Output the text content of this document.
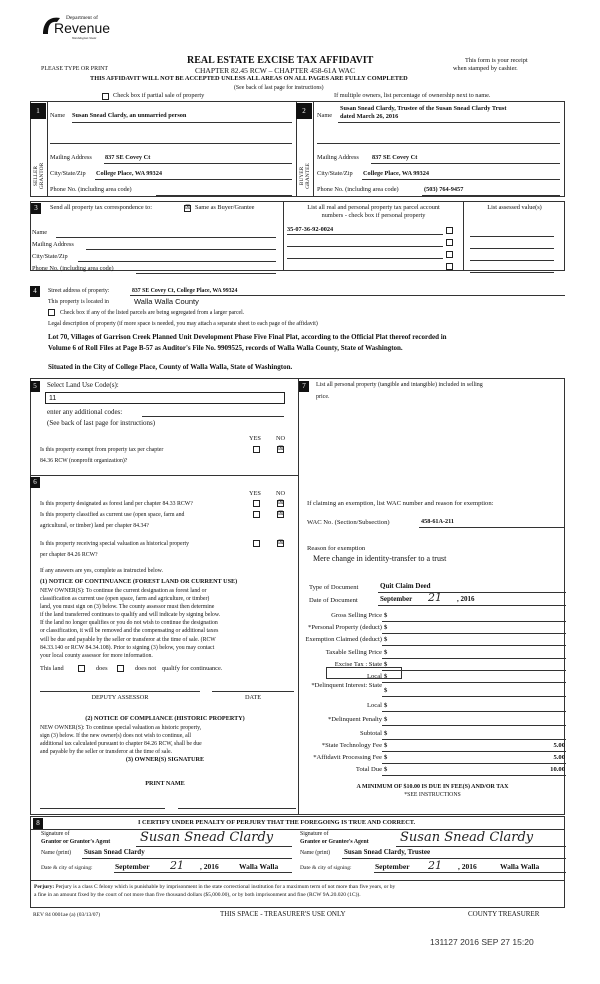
Department of
Revenue
Washington State
PLEASE TYPE OR PRINT
REAL ESTATE EXCISE TAX AFFIDAVIT
CHAPTER 82.45 RCW – CHAPTER 458-61A WAC
This form is your receipt
when stamped by cashier.
THIS AFFIDAVIT WILL NOT BE ACCEPTED UNLESS ALL AREAS ON ALL PAGES ARE FULLY COMPLETED
(See back of last page for instructions)
Check box if partial sale of property	If multiple owners, list percentage of ownership next to name.
1
SELLER GRANTOR
Name Susan Snead Clardy, an unmarried person
Mailing Address 837 SE Covey Ct
City/State/Zip College Place, WA 99324
Phone No. (including area code)
2
BUYER GRANTEE
Name
Susan Snead Clardy, Trustee of the Susan Snead Clardy Trust
dated March 26, 2016
Mailing Address 837 SE Covey Ct
City/State/Zip College Place, WA 99324
Phone No. (including area code)	(503) 764-9457
3	Send all property tax correspondence to:	☒ Same as Buyer/Grantee
Name
Mailing Address
City/State/Zip
Phone No. (including area code)
List all real and personal property tax parcel account
numbers - check box if personal property
List assessed value(s)
35-07-36-92-0024
4	Street address of property:	837 SE Covey Ct, College Place, WA 99324
This property is located in	Walla Walla County
Check box if any of the listed parcels are being segregated from a larger parcel.
Legal description of property (if more space is needed, you may attach a separate sheet to each page of the affidavit)
Lot 70, Villages of Garrison Creek Planned Unit Development Phase Five Final Plat, according to the Official Plat thereof recorded in
Volume 6 of Roll Files at Page B-57 as Auditor's File No. 9909525, records of Walla Walla County, State of Washington.
Situated in the City of College Place, County of Walla Walla, State of Washington.
5	Select Land Use Code(s):
11
enter any additional codes:
(See back of last page for instructions)
YES NO
Is this property exempt from property tax per chapter
84.36 RCW (nonprofit organization)?
☒
6
YES NO
Is this property designated as forest land per chapter 84.33 RCW?	☒
Is this property classified as current use (open space, farm and
agricultural, or timber) land per chapter 84.34?
☒
Is this property receiving special valuation as historical property
per chapter 84.26 RCW?
☒
If any answers are yes, complete as instructed below.
(1) NOTICE OF CONTINUANCE (FOREST LAND OR CURRENT USE)
NEW OWNER(S): To continue the current designation as forest land or
classification as current use (open space, farm and agriculture, or timber)
land, you must sign on (3) below. The county assessor must then determine
if the land transferred continues to qualify and will indicate by signing below.
If the land no longer qualifies or you do not wish to continue the designation
or classification, it will be removed and the compensating or additional taxes
will be due and payable by the seller or transferor at the time of sale. (RCW
84.33.140 or RCW 84.34.108). Prior to signing (3) below, you may contact
your local county assessor for more information.
This land	does	does not qualify for continuance.
DEPUTY ASSESSOR	DATE
(2) NOTICE OF COMPLIANCE (HISTORIC PROPERTY)
NEW OWNER(S): To continue special valuation as historic property,
sign (3) below. If the new owner(s) does not wish to continue, all
additional tax calculated pursuant to chapter 84.26 RCW, shall be due
and payable by the seller or transferor at the time of sale.
(3) OWNER(S) SIGNATURE
PRINT NAME
7	List all personal property (tangible and intangible) included in selling
price.
If claiming an exemption, list WAC number and reason for exemption:
WAC No. (Section/Subsection)	458-61A-211
Reason for exemption
Mere change in identity-transfer to a trust
Type of Document	Quit Claim Deed
Date of Document	September 21 , 2016
Gross Selling Price $
*Personal Property (deduct) $
Exemption Claimed (deduct) $
Taxable Selling Price $
Excise Tax : State $
Local $
*Delinquent Interest: State
$
Local $
*Delinquent Penalty $
Subtotal $
*State Technology Fee $	5.00
*Affidavit Processing Fee $	5.00
Total Due $	10.00
A MINIMUM OF $10.00 IS DUE IN FEE(S) AND/OR TAX
*SEE INSTRUCTIONS
8	I CERTIFY UNDER PENALTY OF PERJURY THAT THE FOREGOING IS TRUE AND CORRECT.
Signature of
Grantor or Grantor's Agent Susan Snead Clardy	Signature of
Grantee or Grantee's Agent Susan Snead Clardy
Name (print) Susan Snead Clardy	Name (print) Susan Snead Clardy, Trustee
Date & city of signing:	September 21 , 2016	Walla Walla	Date & city of signing:	September 21 , 2016	Walla Walla
Perjury: Perjury is a class C felony which is punishable by imprisonment in the state correctional institution for a maximum term of not more than five years, or by
a fine in an amount fixed by the court of not more than five thousand dollars ($5,000.00), or by both imprisonment and fine (RCW 9A.20.020 (1C)).
REV 84 0001ae (a) (03/13/07)	THIS SPACE - TREASURER'S USE ONLY	COUNTY TREASURER
131127 2016 SEP 27 15:20
